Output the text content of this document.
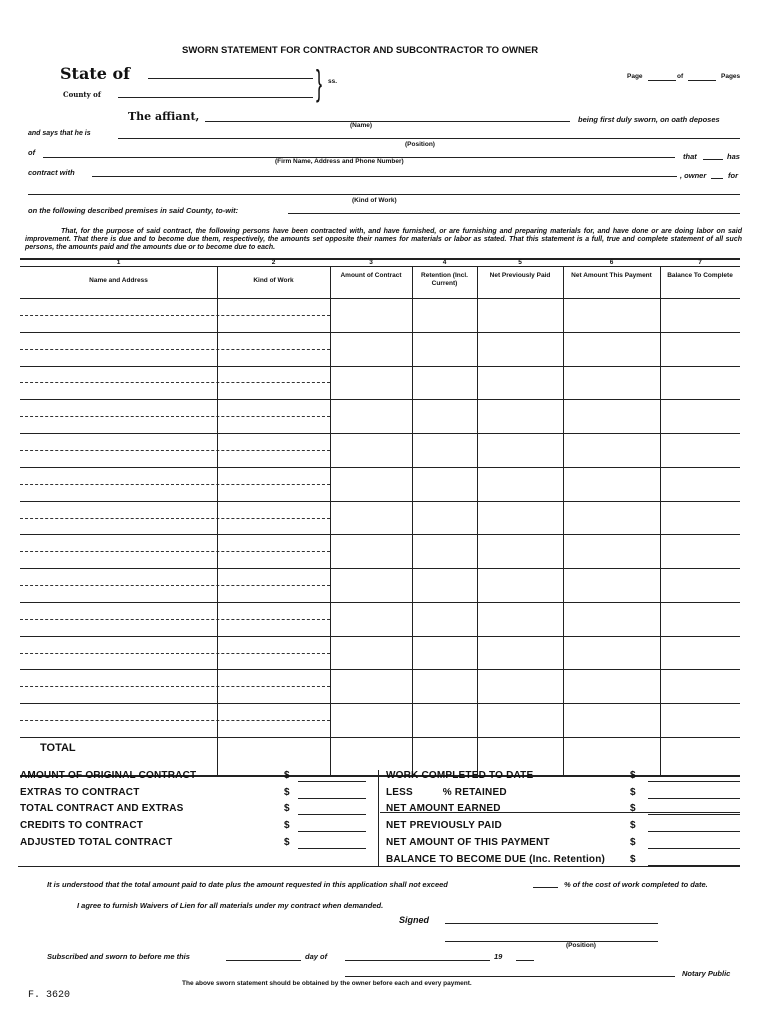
SWORN STATEMENT FOR CONTRACTOR AND SUBCONTRACTOR TO OWNER
State of
County of	} ss.
Page	of	Pages
The affiant,
(Name)
being first duly sworn, on oath deposes
and says that he is
(Position)
of
(Firm Name, Address and Phone Number)
that	has
contract with	, owner	for
(Kind of Work)
on the following described premises in said County, to-wit:
That, for the purpose of said contract, the following persons have been contracted with, and have furnished, or are furnishing and preparing materials for, and have done or are doing labor on said improvement. That there is due and to become due them, respectively, the amounts set opposite their names for materials or labor as stated. That this statement is a full, true and complete statement of all such persons, the amounts paid and the amounts due or to become due to each.
1
Name and Address
2
Kind of Work
3
Amount of Contract
4
Retention (Incl. Current)
5
Net Previously Paid
6
Net Amount This Payment
7
Balance To Complete
TOTAL
AMOUNT OF ORIGINAL CONTRACT	$
EXTRAS TO CONTRACT	$
TOTAL CONTRACT AND EXTRAS	$
CREDITS TO CONTRACT	$
ADJUSTED TOTAL CONTRACT	$
WORK COMPLETED TO DATE	$
LESS          % RETAINED	$
NET AMOUNT EARNED	$
NET PREVIOUSLY PAID	$
NET AMOUNT OF THIS PAYMENT	$
BALANCE TO BECOME DUE (Inc. Retention) $
It is understood that the total amount paid to date plus the amount requested in this application shall not exceed	% of the cost of work completed to date.
I agree to furnish Waivers of Lien for all materials under my contract when demanded.
Signed
(Position)
Subscribed and sworn to before me this	day of	19
Notary Public
The above sworn statement should be obtained by the owner before each and every payment.
F. 3620
